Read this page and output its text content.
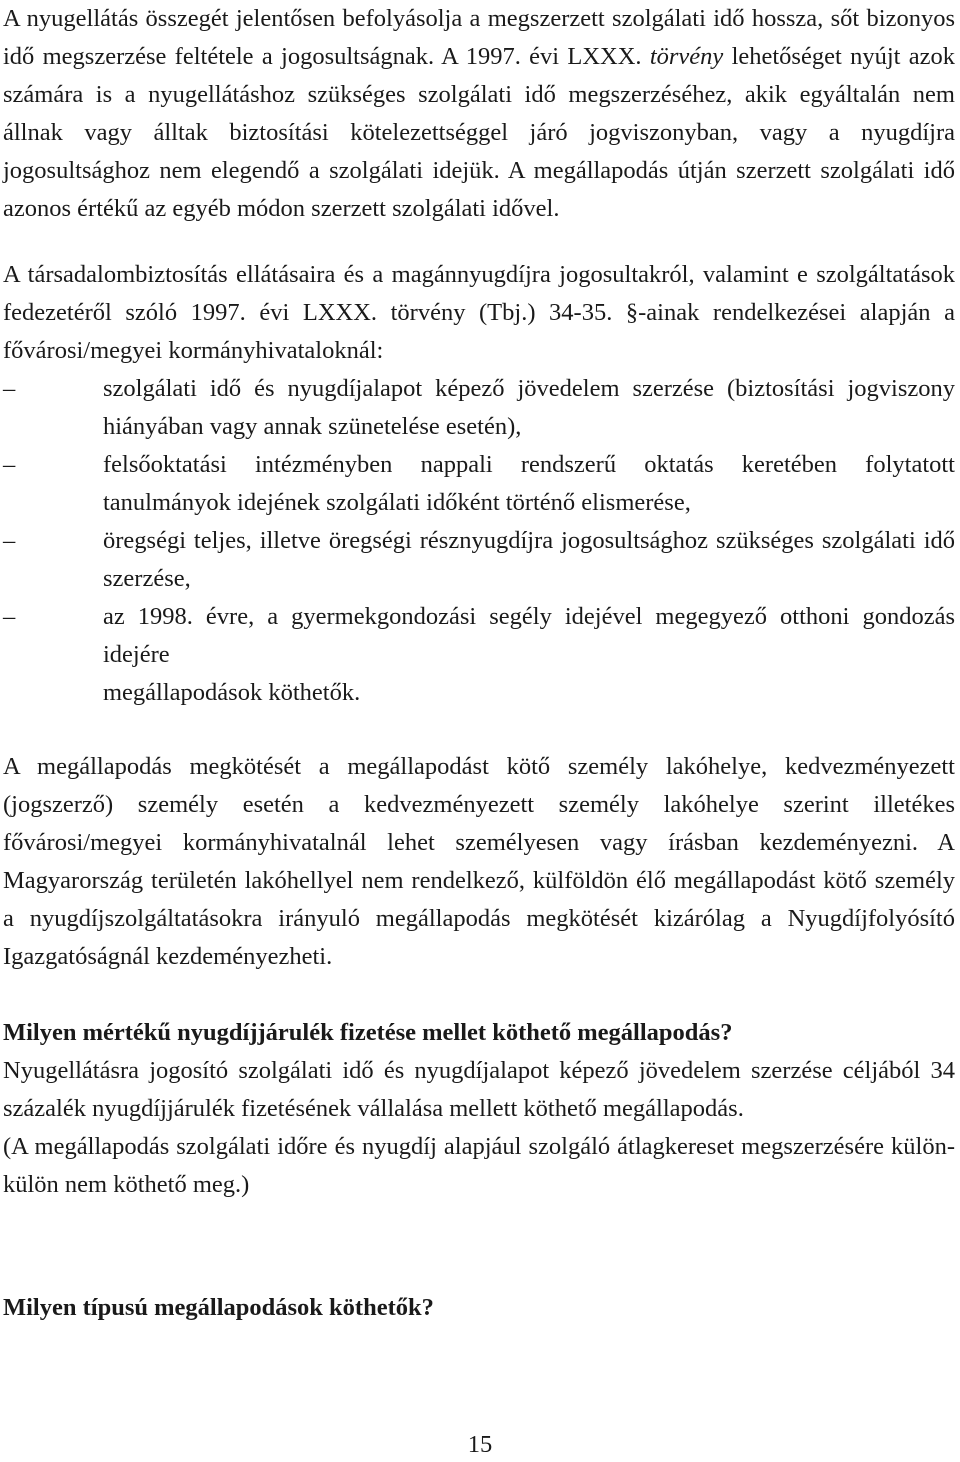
A nyugellátás összegét jelentősen befolyásolja a megszerzett szolgálati idő hossza, sőt bizonyos idő megszerzése feltétele a jogosultságnak. A 1997. évi LXXX. törvény lehetőséget nyújt azok számára is a nyugellátáshoz szükséges szolgálati idő megszerzéséhez, akik egyáltalán nem állnak vagy álltak biztosítási kötelezettséggel járó jogviszonyban, vagy a nyugdíjra jogosultsághoz nem elegendő a szolgálati idejük. A megállapodás útján szerzett szolgálati idő azonos értékű az egyéb módon szerzett szolgálati idővel.

A társadalombiztosítás ellátásaira és a magánnyugdíjra jogosultakról, valamint e szolgáltatások fedezetéről szóló 1997. évi LXXX. törvény (Tbj.) 34-35. §-ainak rendelkezései alapján a fővárosi/megyei kormányhivataloknál:

–	szolgálati idő és nyugdíjalapot képező jövedelem szerzése (biztosítási jogviszony hiányában vagy annak szünetelése esetén),
–	felsőoktatási intézményben nappali rendszerű oktatás keretében folytatott tanulmányok idejének szolgálati időként történő elismerése,
–	öregségi teljes, illetve öregségi résznyugdíjra jogosultsághoz szükséges szolgálati idő szerzése,
–	az 1998. évre, a gyermekgondozási segély idejével megegyező otthoni gondozás idejére
megállapodások köthetők.

A megállapodás megkötését a megállapodást kötő személy lakóhelye, kedvezményezett (jogszerző) személy esetén a kedvezményezett személy lakóhelye szerint illetékes fővárosi/megyei kormányhivatalnál lehet személyesen vagy írásban kezdeményezni. A Magyarország területén lakóhellyel nem rendelkező, külföldön élő megállapodást kötő személy a nyugdíjszolgáltatásokra irányuló megállapodás megkötését kizárólag a Nyugdíjfolyósító Igazgatóságnál kezdeményezheti.

Milyen mértékű nyugdíjjárulék fizetése mellet köthető megállapodás?

Nyugellátásra jogosító szolgálati idő és nyugdíjalapot képező jövedelem szerzése céljából 34 százalék nyugdíjjárulék fizetésének vállalása mellett köthető megállapodás.

(A megállapodás szolgálati időre és nyugdíj alapjául szolgáló átlagkereset megszerzésére külön-külön nem köthető meg.)

Milyen típusú megállapodások köthetők?
15
